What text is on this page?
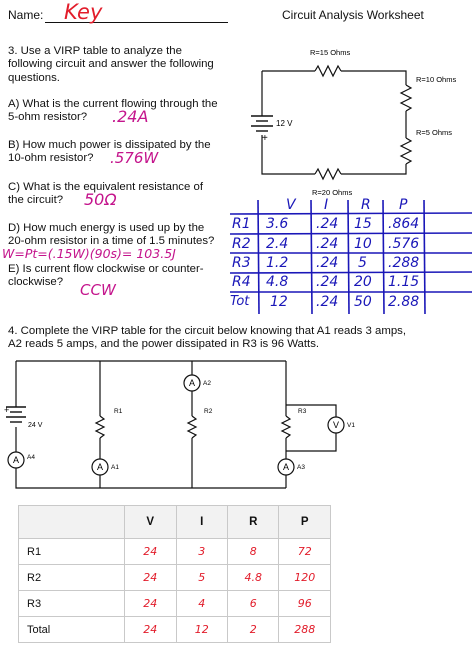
Name: Key	Circuit Analysis Worksheet
3. Use a VIRP table to analyze the
following circuit and answer the following
questions.
A) What is the current flowing through the
5-ohm resistor?	.24A
B) How much power is dissipated by the
10-ohm resistor?	.576W
C) What is the equivalent resistance of
the circuit?	50Ω
D) How much energy is used up by the
20-ohm resistor in a time of 1.5 minutes?
W=Pt=(.15W)(90s)= 103.5J
E) Is current flow clockwise or counter-
clockwise?	CCW
12 V
+
R=15 Ohms
R=10 Ohms
R=5 Ohms
R=20 Ohms
V I R P
R1 3.6 .24 15 .864
R2 2.4 .24 10 .576
R3 1.2 .24 5 .288
R4 4.8 .24 20 1.15
Tot 12 .24 50 2.88
4. Complete the VIRP table for the circuit below knowing that A1 reads 3 amps,
A2 reads 5 amps, and the power dissipated in R3 is 96 Watts.
+
24 V
A
A
A
A
V
A4
A1
A2
A3
V1
R1	R2	R3
	V	I	R	P
R1	24	3	8	72
R2	24	5	4.8	120
R3	24	4	6	96
Total	24	12	2	288
